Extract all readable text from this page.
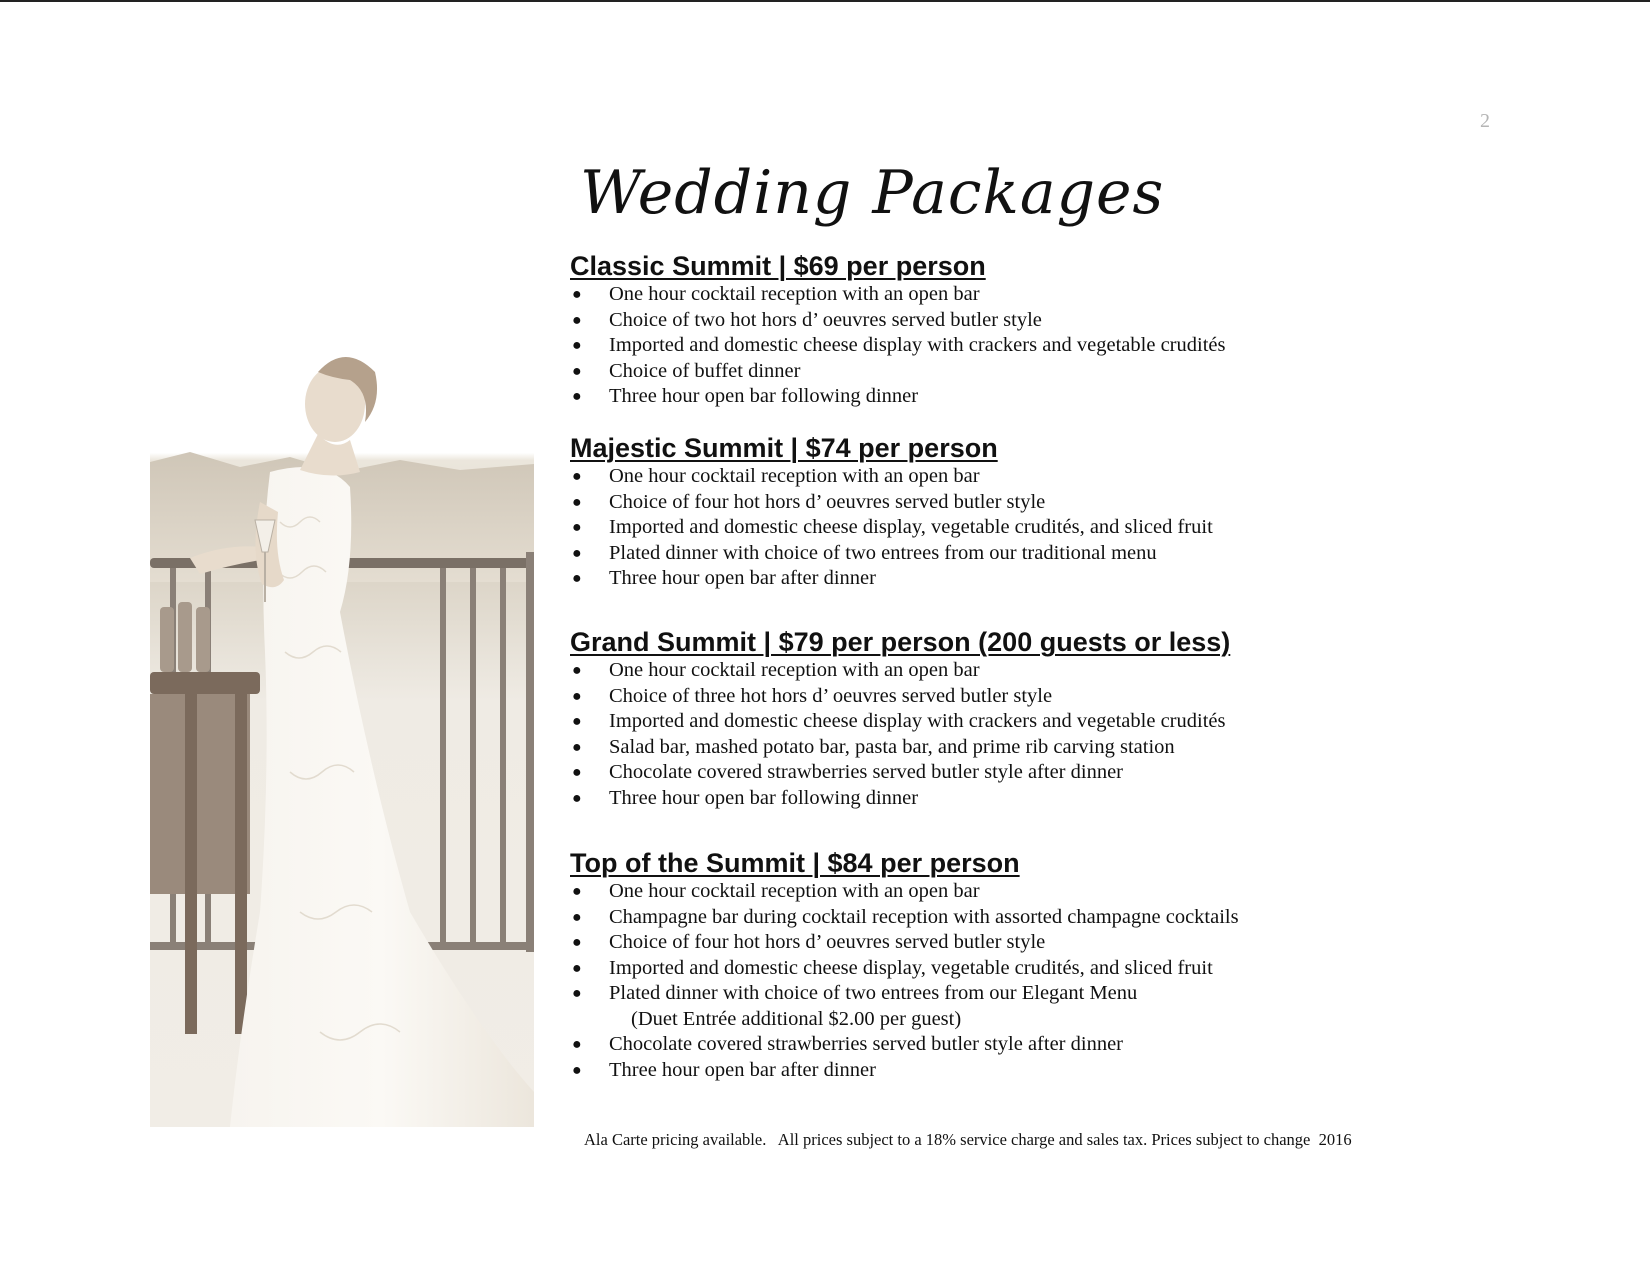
2
Wedding Packages
Classic Summit | $69 per person
● One hour cocktail reception with an open bar
● Choice of two hot hors d’ oeuvres served butler style
● Imported and domestic cheese display with crackers and vegetable crudités
● Choice of buffet dinner
● Three hour open bar following dinner
Majestic Summit | $74 per person
● One hour cocktail reception with an open bar
● Choice of four hot hors d’ oeuvres served butler style
● Imported and domestic cheese display, vegetable crudités, and sliced fruit
● Plated dinner with choice of two entrees from our traditional menu
● Three hour open bar after dinner
Grand Summit | $79 per person (200 guests or less)
● One hour cocktail reception with an open bar
● Choice of three hot hors d’ oeuvres served butler style
● Imported and domestic cheese display with crackers and vegetable crudités
● Salad bar, mashed potato bar, pasta bar, and prime rib carving station
● Chocolate covered strawberries served butler style after dinner
● Three hour open bar following dinner
Top of the Summit | $84 per person
● One hour cocktail reception with an open bar
● Champagne bar during cocktail reception with assorted champagne cocktails
● Choice of four hot hors d’ oeuvres served butler style
● Imported and domestic cheese display, vegetable crudités, and sliced fruit
● Plated dinner with choice of two entrees from our Elegant Menu
(Duet Entrée additional $2.00 per guest)
● Chocolate covered strawberries served butler style after dinner
● Three hour open bar after dinner
Ala Carte pricing available.   All prices subject to a 18% service charge and sales tax. Prices subject to change  2016
